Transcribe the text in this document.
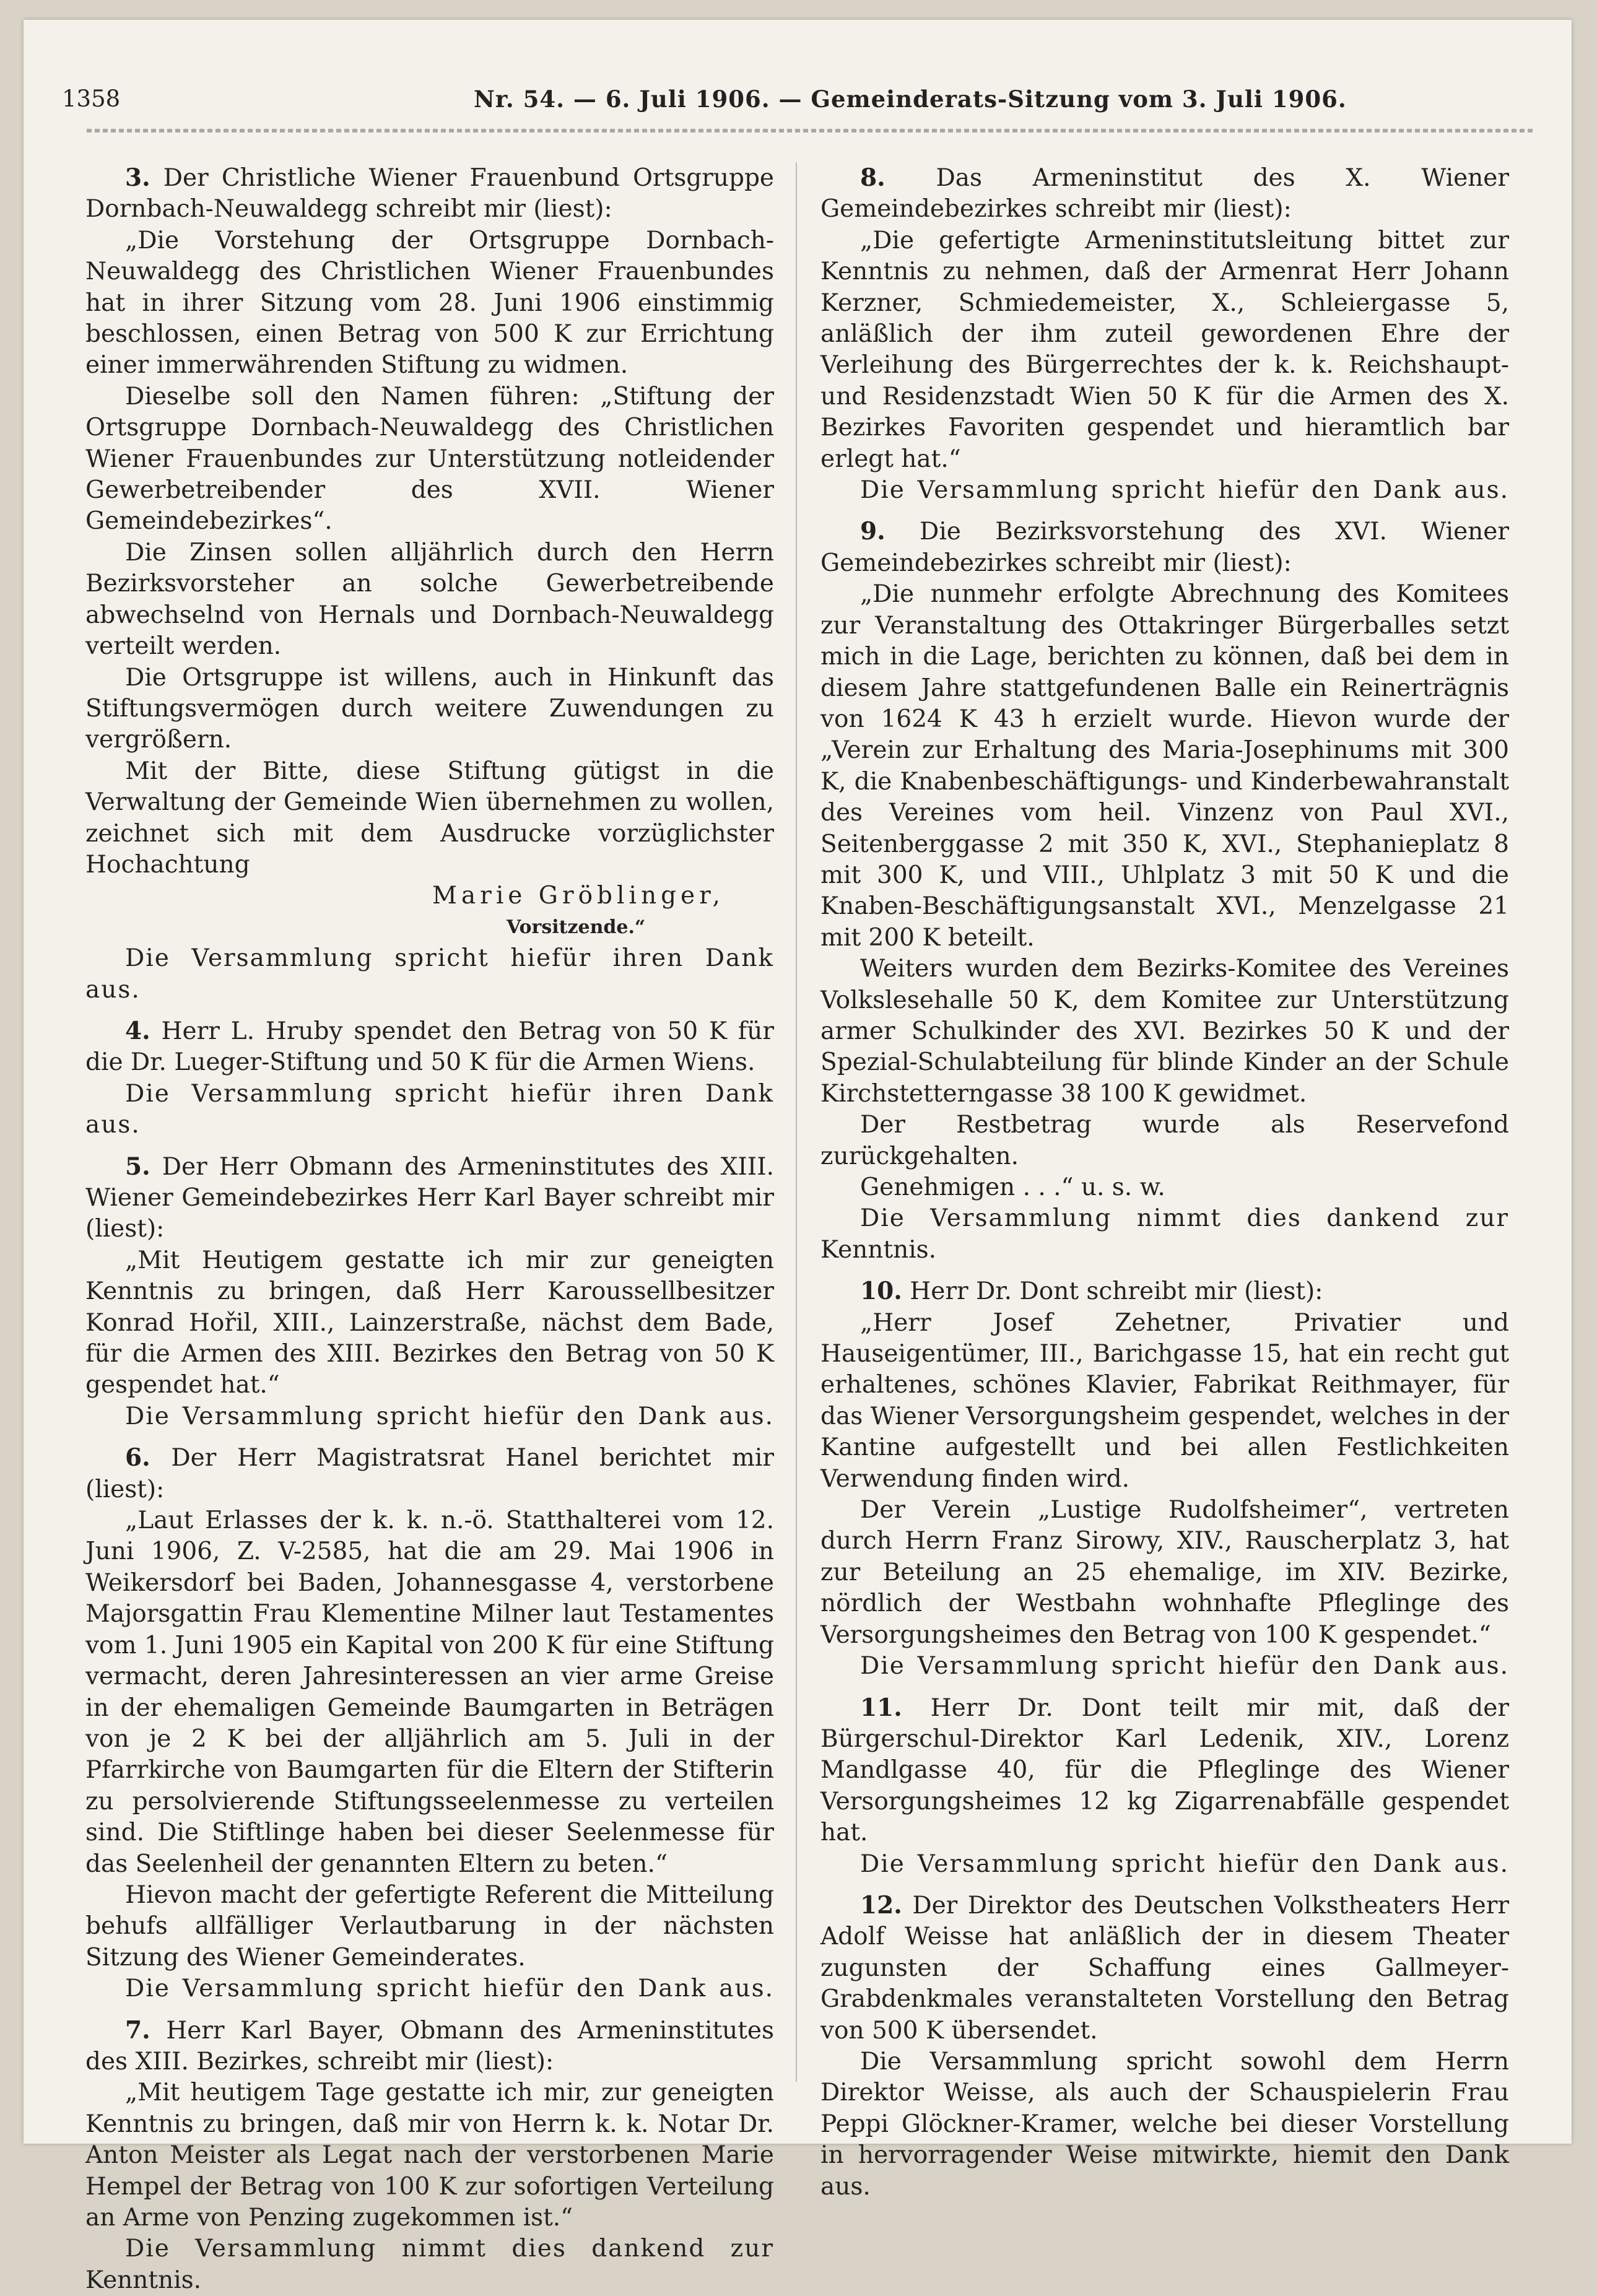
1358	Nr. 54. — 6. Juli 1906. — Gemeinderats-Sitzung vom 3. Juli 1906.

3. Der Christliche Wiener Frauenbund Ortsgruppe Dornbach-Neuwaldegg schreibt mir (liest):

„Die Vorstehung der Ortsgruppe Dornbach-Neuwaldegg des Christlichen Wiener Frauenbundes hat in ihrer Sitzung vom 28. Juni 1906 einstimmig beschlossen, einen Betrag von 500 K zur Errichtung einer immerwährenden Stiftung zu widmen.

Dieselbe soll den Namen führen: „Stiftung der Ortsgruppe Dornbach-Neuwaldegg des Christlichen Wiener Frauenbundes zur Unterstützung notleidender Gewerbetreibender des XVII. Wiener Gemeindebezirkes“.

Die Zinsen sollen alljährlich durch den Herrn Bezirksvorsteher an solche Gewerbetreibende abwechselnd von Hernals und Dornbach-Neuwaldegg verteilt werden.

Die Ortsgruppe ist willens, auch in Hinkunft das Stiftungsvermögen durch weitere Zuwendungen zu vergrößern.

Mit der Bitte, diese Stiftung gütigst in die Verwaltung der Gemeinde Wien übernehmen zu wollen, zeichnet sich mit dem Ausdrucke vorzüglichster Hochachtung

Marie Gröblinger,

Vorsitzende.“

Die Versammlung spricht hiefür ihren Dank aus.

4. Herr L. Hruby spendet den Betrag von 50 K für die Dr. Lueger-Stiftung und 50 K für die Armen Wiens.

Die Versammlung spricht hiefür ihren Dank aus.

5. Der Herr Obmann des Armeninstitutes des XIII. Wiener Gemeindebezirkes Herr Karl Bayer schreibt mir (liest):

„Mit Heutigem gestatte ich mir zur geneigten Kenntnis zu bringen, daß Herr Karoussellbesitzer Konrad Hořil, XIII., Lainzerstraße, nächst dem Bade, für die Armen des XIII. Bezirkes den Betrag von 50 K gespendet hat.“

Die Versammlung spricht hiefür den Dank aus.

6. Der Herr Magistratsrat Hanel berichtet mir (liest):

„Laut Erlasses der k. k. n.-ö. Statthalterei vom 12. Juni 1906, Z. V-2585, hat die am 29. Mai 1906 in Weikersdorf bei Baden, Johannesgasse 4, verstorbene Majorsgattin Frau Klementine Milner laut Testamentes vom 1. Juni 1905 ein Kapital von 200 K für eine Stiftung vermacht, deren Jahresinteressen an vier arme Greise in der ehemaligen Gemeinde Baumgarten in Beträgen von je 2 K bei der alljährlich am 5. Juli in der Pfarrkirche von Baumgarten für die Eltern der Stifterin zu persolvierende Stiftungsseelenmesse zu verteilen sind. Die Stiftlinge haben bei dieser Seelenmesse für das Seelenheil der genannten Eltern zu beten.“

Hievon macht der gefertigte Referent die Mitteilung behufs allfälliger Verlautbarung in der nächsten Sitzung des Wiener Gemeinderates.

Die Versammlung spricht hiefür den Dank aus.

7. Herr Karl Bayer, Obmann des Armeninstitutes des XIII. Bezirkes, schreibt mir (liest):

„Mit heutigem Tage gestatte ich mir, zur geneigten Kenntnis zu bringen, daß mir von Herrn k. k. Notar Dr. Anton Meister als Legat nach der verstorbenen Marie Hempel der Betrag von 100 K zur sofortigen Verteilung an Arme von Penzing zugekommen ist.“

Die Versammlung nimmt dies dankend zur

Kenntnis.

8. Das Armeninstitut des X. Wiener Gemeindebezirkes schreibt mir (liest):

„Die gefertigte Armeninstitutsleitung bittet zur Kenntnis zu nehmen, daß der Armenrat Herr Johann Kerzner, Schmiedemeister, X., Schleiergasse 5, anläßlich der ihm zuteil gewordenen Ehre der Verleihung des Bürgerrechtes der k. k. Reichshaupt- und Residenzstadt Wien 50 K für die Armen des X. Bezirkes Favoriten gespendet und hieramtlich bar erlegt hat.“

Die Versammlung spricht hiefür den Dank aus.

9. Die Bezirksvorstehung des XVI. Wiener Gemeindebezirkes schreibt mir (liest):

„Die nunmehr erfolgte Abrechnung des Komitees zur Veranstaltung des Ottakringer Bürgerballes setzt mich in die Lage, berichten zu können, daß bei dem in diesem Jahre stattgefundenen Balle ein Reinerträgnis von 1624 K 43 h erzielt wurde. Hievon wurde der „Verein zur Erhaltung des Maria-Josephinums mit 300 K, die Knabenbeschäftigungs- und Kinderbewahranstalt des Vereines vom heil. Vinzenz von Paul XVI., Seitenberggasse 2 mit 350 K, XVI., Stephanieplatz 8 mit 300 K, und VIII., Uhlplatz 3 mit 50 K und die Knaben-Beschäftigungsanstalt XVI., Menzelgasse 21 mit 200 K beteilt.

Weiters wurden dem Bezirks-Komitee des Vereines Volkslesehalle 50 K, dem Komitee zur Unterstützung armer Schulkinder des XVI. Bezirkes 50 K und der Spezial-Schulabteilung für blinde Kinder an der Schule Kirchstetterngasse 38 100 K gewidmet.

Der Restbetrag wurde als Reservefond zurückgehalten.

Genehmigen . . .“ u. s. w.

Die Versammlung nimmt dies dankend zur

Kenntnis.

10. Herr Dr. Dont schreibt mir (liest):

„Herr Josef Zehetner, Privatier und Hauseigentümer, III., Barichgasse 15, hat ein recht gut erhaltenes, schönes Klavier, Fabrikat Reithmayer, für das Wiener Versorgungsheim gespendet, welches in der Kantine aufgestellt und bei allen Festlichkeiten Verwendung finden wird.

Der Verein „Lustige Rudolfsheimer“, vertreten durch Herrn Franz Sirowy, XIV., Rauscherplatz 3, hat zur Beteilung an 25 ehemalige, im XIV. Bezirke, nördlich der Westbahn wohnhafte Pfleglinge des Versorgungsheimes den Betrag von 100 K gespendet.“

Die Versammlung spricht hiefür den Dank aus.

11. Herr Dr. Dont teilt mir mit, daß der Bürgerschul-Direktor Karl Ledenik, XIV., Lorenz Mandlgasse 40, für die Pfleglinge des Wiener Versorgungsheimes 12 kg Zigarrenabfälle gespendet hat.

Die Versammlung spricht hiefür den Dank aus.

12. Der Direktor des Deutschen Volkstheaters Herr Adolf Weisse hat anläßlich der in diesem Theater zugunsten der Schaffung eines Gallmeyer-Grabdenkmales veranstalteten Vorstellung den Betrag von 500 K übersendet.

Die Versammlung spricht sowohl dem Herrn Direktor Weisse, als auch der Schauspielerin Frau Peppi Glöckner-Kramer, welche bei dieser Vorstellung in hervorragender Weise mitwirkte, hiemit den Dank aus.
